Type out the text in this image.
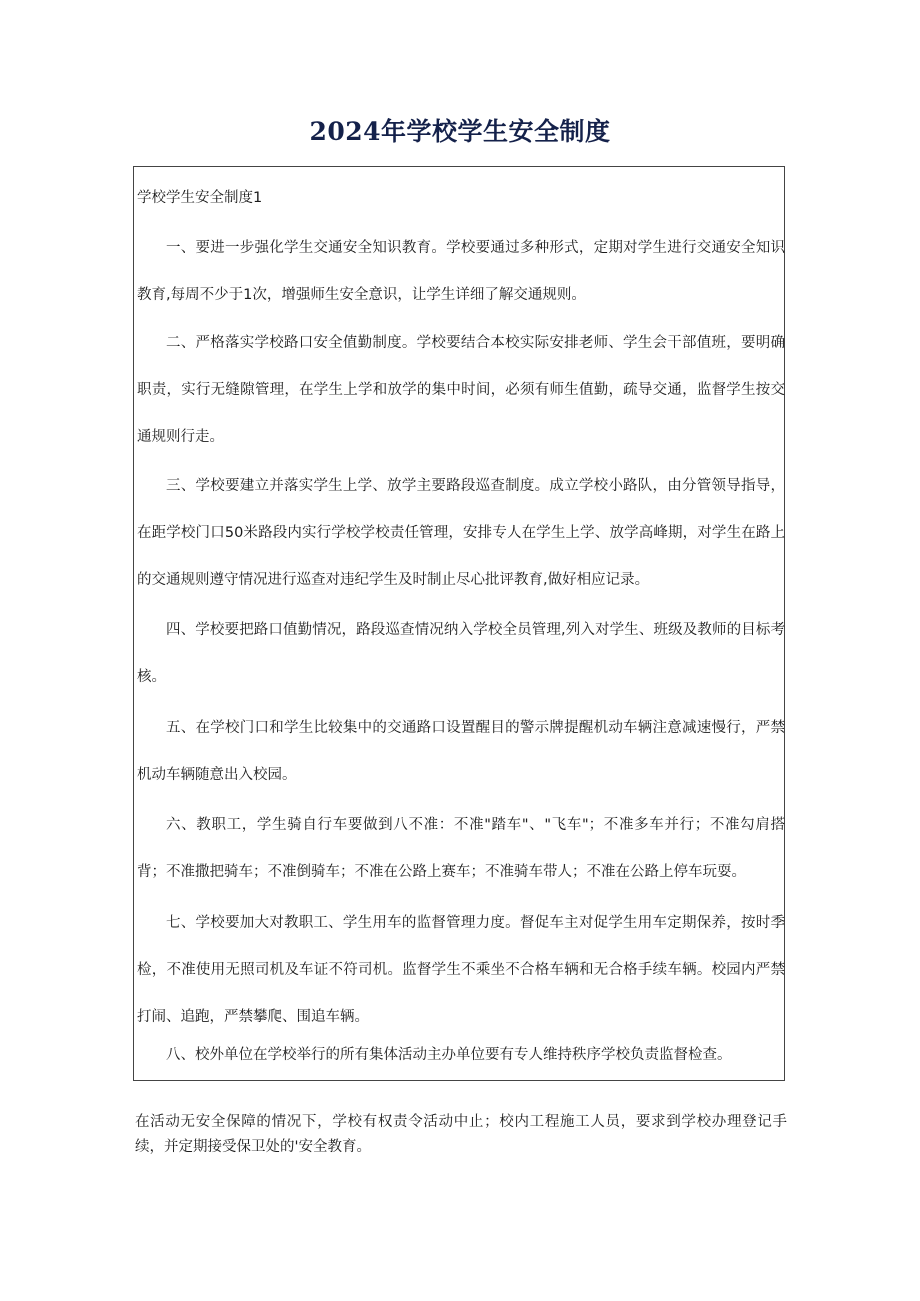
2024年学校学生安全制度

学校学生安全制度1

一、要进一步强化学生交通安全知识教育。学校要通过多种形式，定期对学生进行交通安全知识教育,每周不少于1次，增强师生安全意识，让学生详细了解交通规则。

二、严格落实学校路口安全值勤制度。学校要结合本校实际安排老师、学生会干部值班，要明确职责，实行无缝隙管理，在学生上学和放学的集中时间，必须有师生值勤，疏导交通，监督学生按交通规则行走。

三、学校要建立并落实学生上学、放学主要路段巡查制度。成立学校小路队，由分管领导指导，在距学校门口50米路段内实行学校学校责任管理，安排专人在学生上学、放学高峰期，对学生在路上的交通规则遵守情况进行巡查对违纪学生及时制止尽心批评教育,做好相应记录。

四、学校要把路口值勤情况，路段巡查情况纳入学校全员管理,列入对学生、班级及教师的目标考核。

五、在学校门口和学生比较集中的交通路口设置醒目的警示牌提醒机动车辆注意减速慢行，严禁机动车辆随意出入校园。

六、教职工，学生骑自行车要做到八不准：不准"踏车"、"飞车"；不准多车并行；不准勾肩搭背；不准撒把骑车；不准倒骑车；不准在公路上赛车；不准骑车带人；不准在公路上停车玩耍。

七、学校要加大对教职工、学生用车的监督管理力度。督促车主对促学生用车定期保养，按时季检，不准使用无照司机及车证不符司机。监督学生不乘坐不合格车辆和无合格手续车辆。校园内严禁打闹、追跑，严禁攀爬、围追车辆。

八、校外单位在学校举行的所有集体活动主办单位要有专人维持秩序学校负责监督检查。

在活动无安全保障的情况下，学校有权责令活动中止；校内工程施工人员，要求到学校办理登记手续，并定期接受保卫处的'安全教育。
